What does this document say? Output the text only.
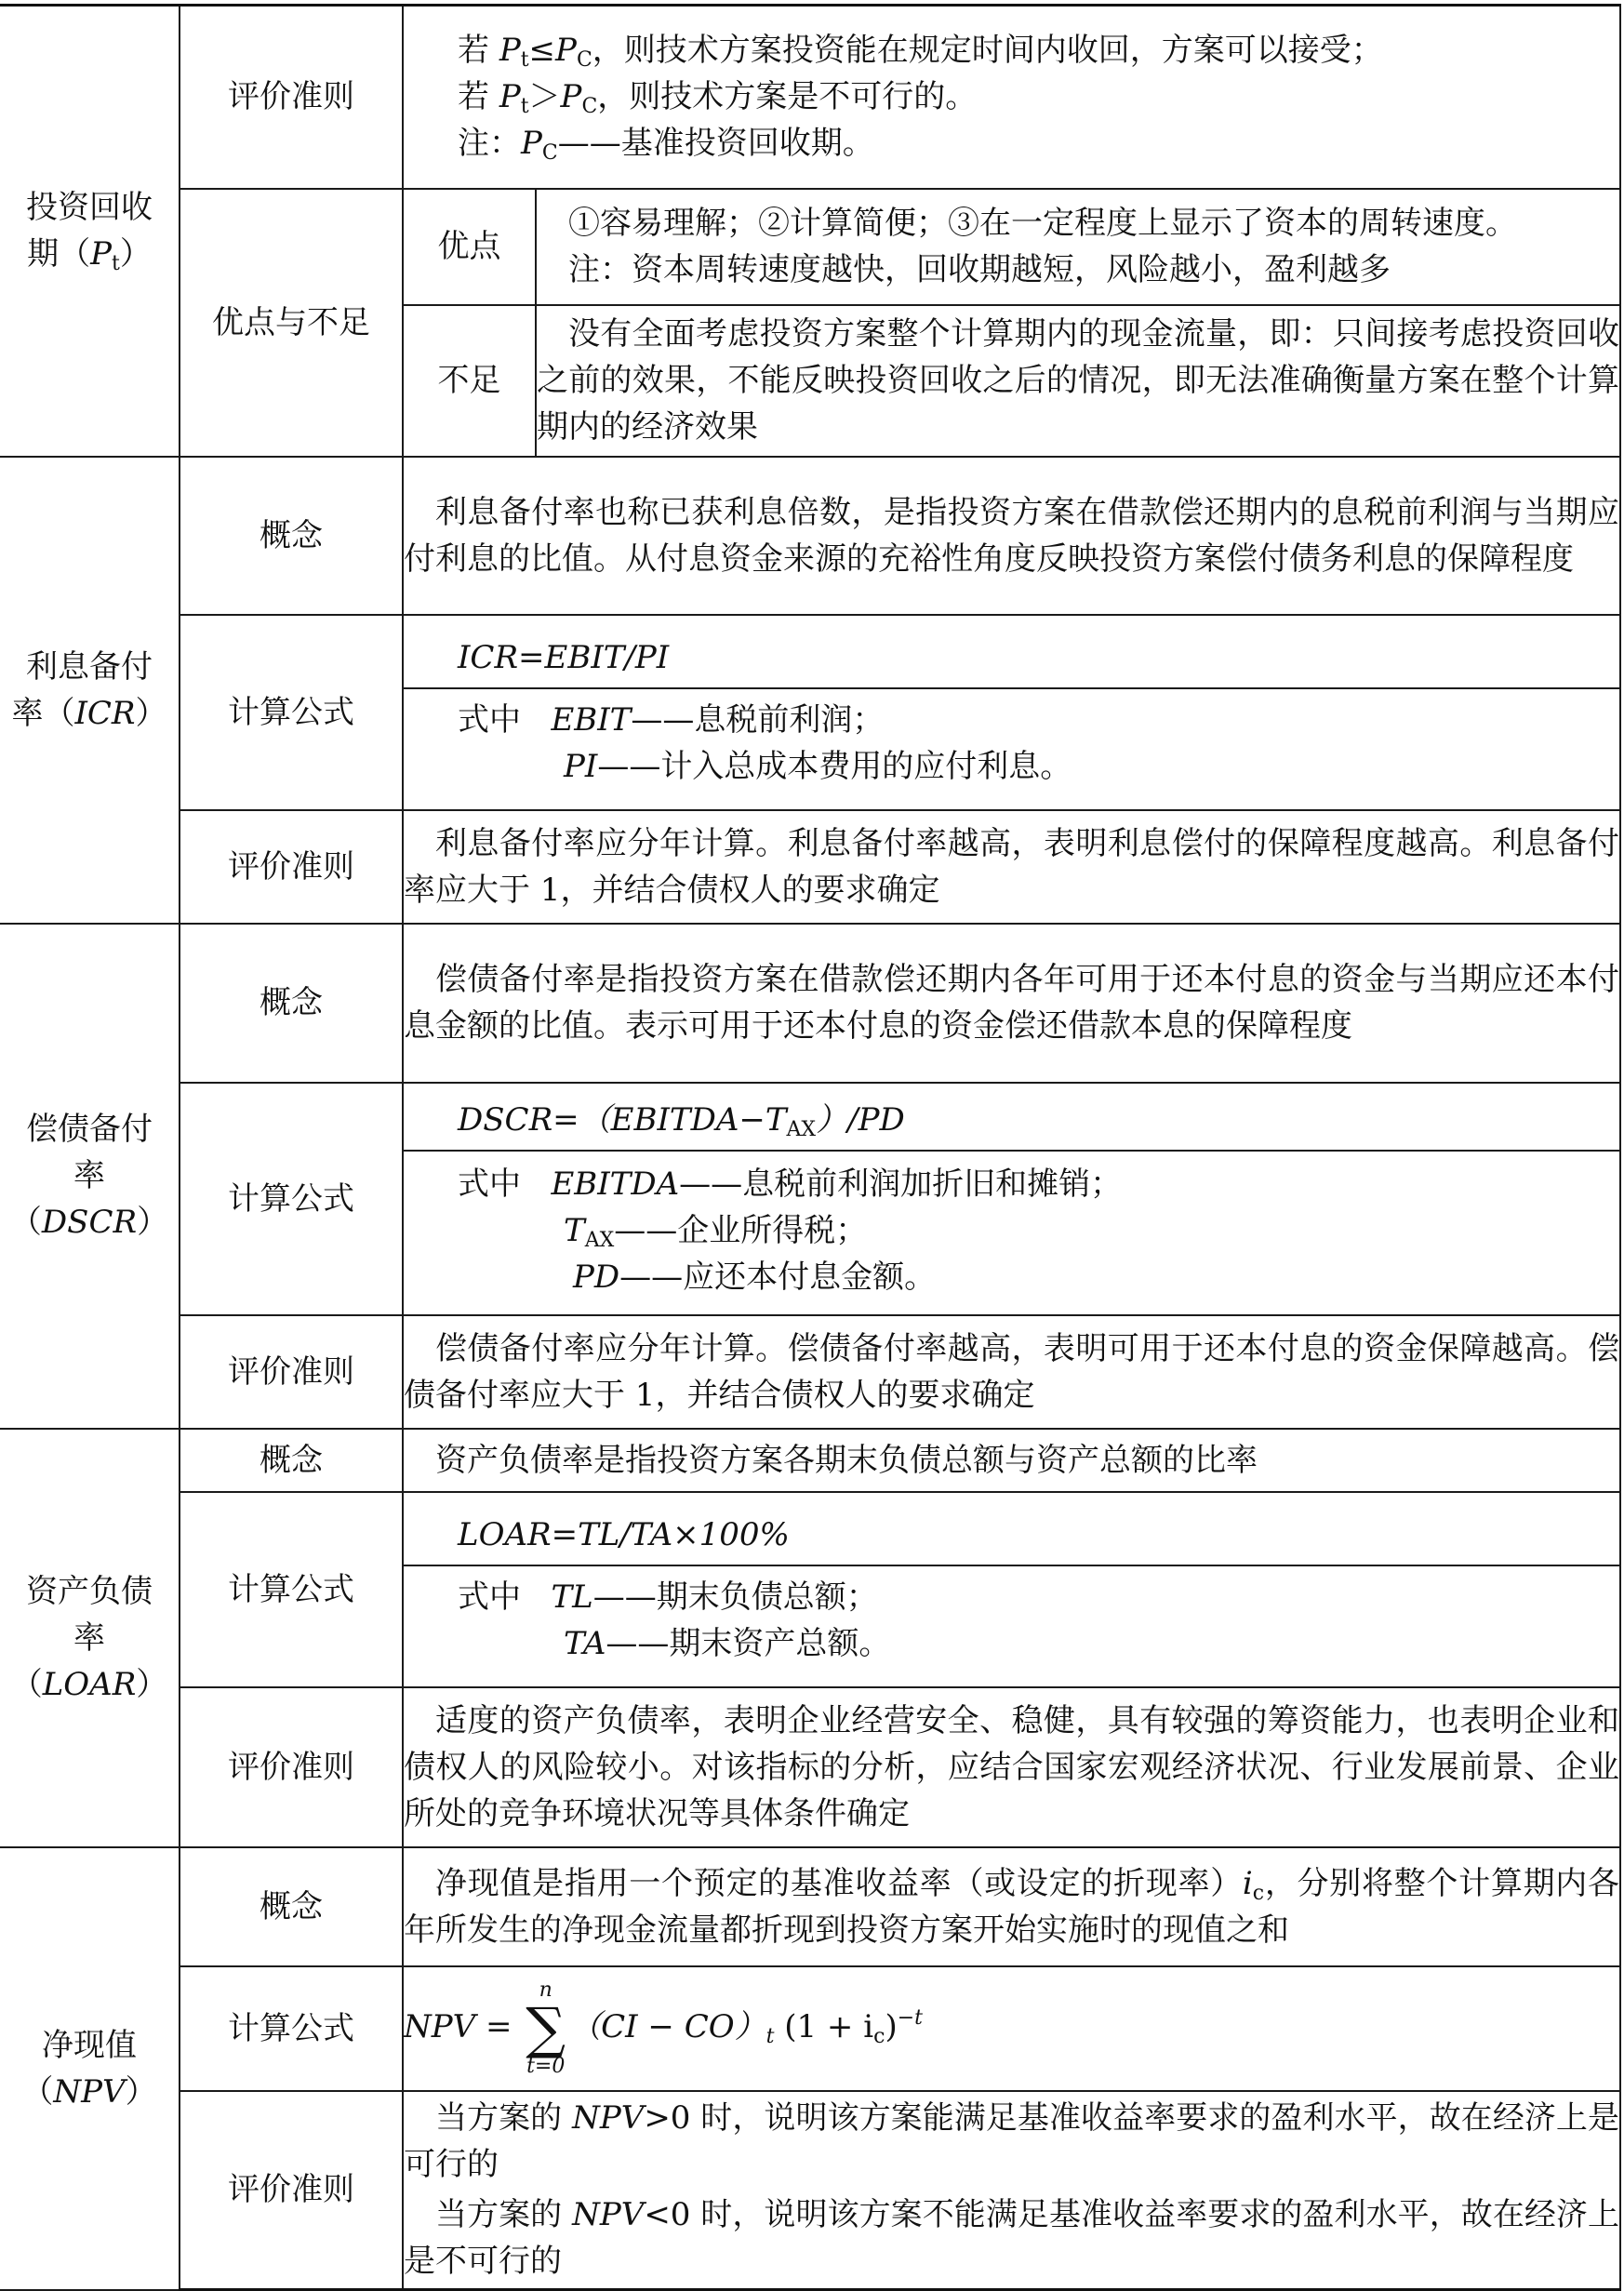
投资回收
期$(P_t)$	评价准则	若 $P_t\le P_C$，则技术方案投资能在规定时间内收回，方案可以接受；
若 $P_t>P_C$，则技术方案是不可行的。
注：$P_C——$基准投资回收期。	

	优点与不足	优点	①容易理解；②计算简便；③在一定程度上显示了资本的周转速度。
注：资本周转速度越快，回收期越短，风险越小，盈利越多

		不足	没有全面考虑投资方案整个计算期内的现金流量，即：只间接考虑投资回收之前的效果，不能反映投资回收之后的情况，即无法准确衡量方案在整个计算期内的经济效果

利息备付
率（ICR）	概念	利息备付率也称已获利息倍数，是指投资方案在借款偿还期内的息税前利润与当期应付利息的比值。从付息资金来源的充裕性角度反映投资方案偿付债务利息的保障程度	

	计算公式	ICR=EBIT/PI
式中 EBIT——息税前利润；
PI——计入总成本费用的应付利息。	

	评价准则	利息备付率应分年计算。利息备付率越高，表明利息偿付的保障程度越高。利息备付率应大于 1，并结合债权人的要求确定	

偿债备付
率
（DSCR）	概念	偿债备付率是指投资方案在借款偿还期内各年可用于还本付息的资金与当期应还本付息金额的比值。表示可用于还本付息的资金偿还借款本息的保障程度	

	计算公式	$DSCR=(EBITDA-T_{AX})/PD$
式中 EBITDA——息税前利润加折旧和摊销；
$T_{AX}——$企业所得税；
PD——应还本付息金额。	

	评价准则	偿债备付率应分年计算。偿债备付率越高，表明可用于还本付息的资金保障越高。偿债备付率应大于 1，并结合债权人的要求确定	

资产负债
率
（LOAR）	概念	资产负债率是指投资方案各期末负债总额与资产总额的比率	

	计算公式	LOAR=TL/TA×100%
式中 TL——期末负债总额；
TA——期末资产总额。	

	评价准则	适度的资产负债率，表明企业经营安全、稳健，具有较强的筹资能力，也表明企业和债权人的风险较小。对该指标的分析，应结合国家宏观经济状况、行业发展前景、企业所处的竞争环境状况等具体条件确定	

净现值
（NPV）	概念	净现值是指用一个预定的基准收益率（或设定的折现率）$i_c$，分别将整个计算期内各年所发生的净现金流量都折现到投资方案开始实施时的现值之和	

	计算公式	NPV =
n
∑
t=0
$(CI - CO)_t$ $(1 + i_c)^{-t}$
	评价准则	当方案的 NPV>0 时，说明该方案能满足基准收益率要求的盈利水平，故在经济上是可行的
当方案的 NPV<0 时，说明该方案不能满足基准收益率要求的盈利水平，故在经济上是不可行的	
